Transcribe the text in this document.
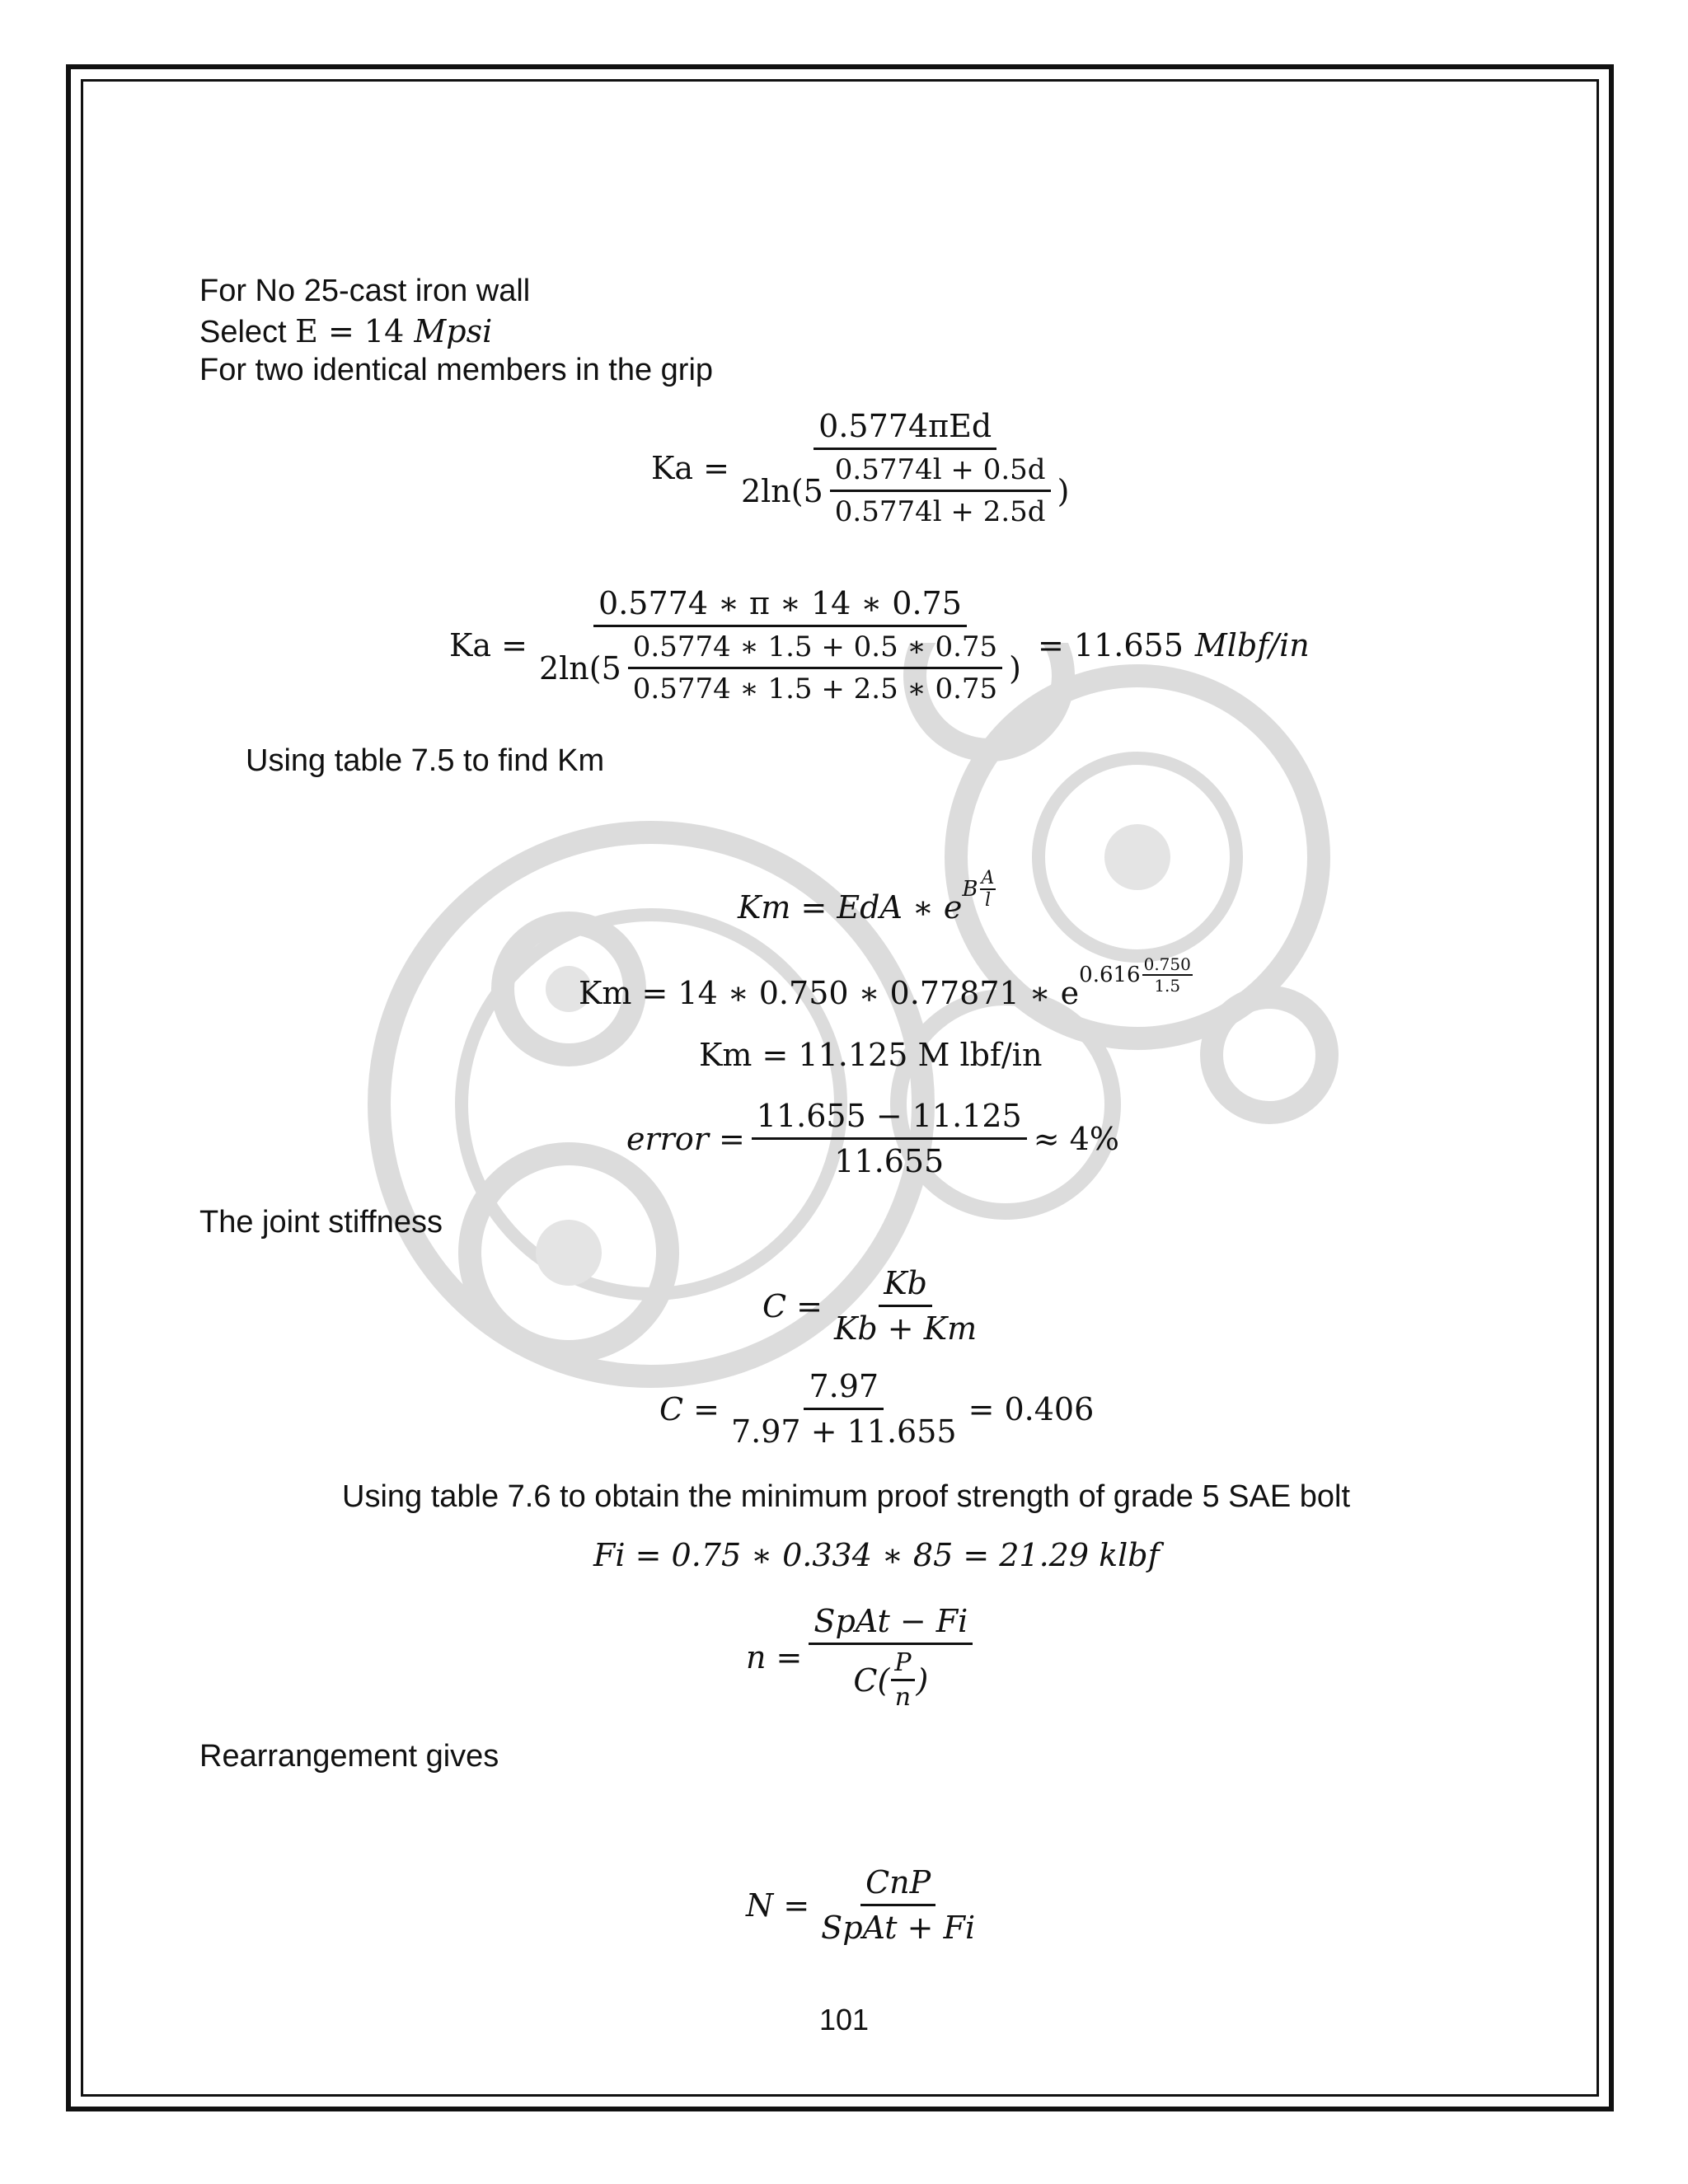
For No 25-cast iron wall
Select E = 14 Mpsi
For two identical members in the grip
Ka =
0.5774πEd
$2\ln(5 \frac{0.5774l + 0.5d}{0.5774l + 2.5d}$ )
Ka =
0.5774 ∗ π ∗ 14 ∗ 0.75
$2\ln(5 \frac{0.5774 ∗ 1.5 + 0.5 ∗ 0.75}{0.5774 ∗ 1.5 + 2.5 ∗ 0.75}$ )
= 11.655 Mlbf/in
Using table 7.5 to find Km
Km = EdA ∗ e B $\frac{A}{l}$
Km = 14 ∗ 0.750 ∗ 0.77871 ∗ e $0.616 \frac{0.750}{1.5}$
Km = 11.125 M lbf/in
error = $\frac{11.655 - 11.125}{11.655} \approx 4\%$
The joint stiffness
$C = \frac{Kb}{Kb + Km}$
$C = \frac{7.97}{7.97 + 11.655} = 0.406$
Using table 7.6 to obtain the minimum proof strength of grade 5 SAE bolt
Fi = 0.75 ∗ 0.334 ∗ 85 = 21.29 klbf
$n = \frac{\text{SpAt − Fi}}{C( \frac{P}{n} )}$
Rearrangement gives
$N = \frac{\text{CnP}}{\text{SpAt + Fi}}$
101
